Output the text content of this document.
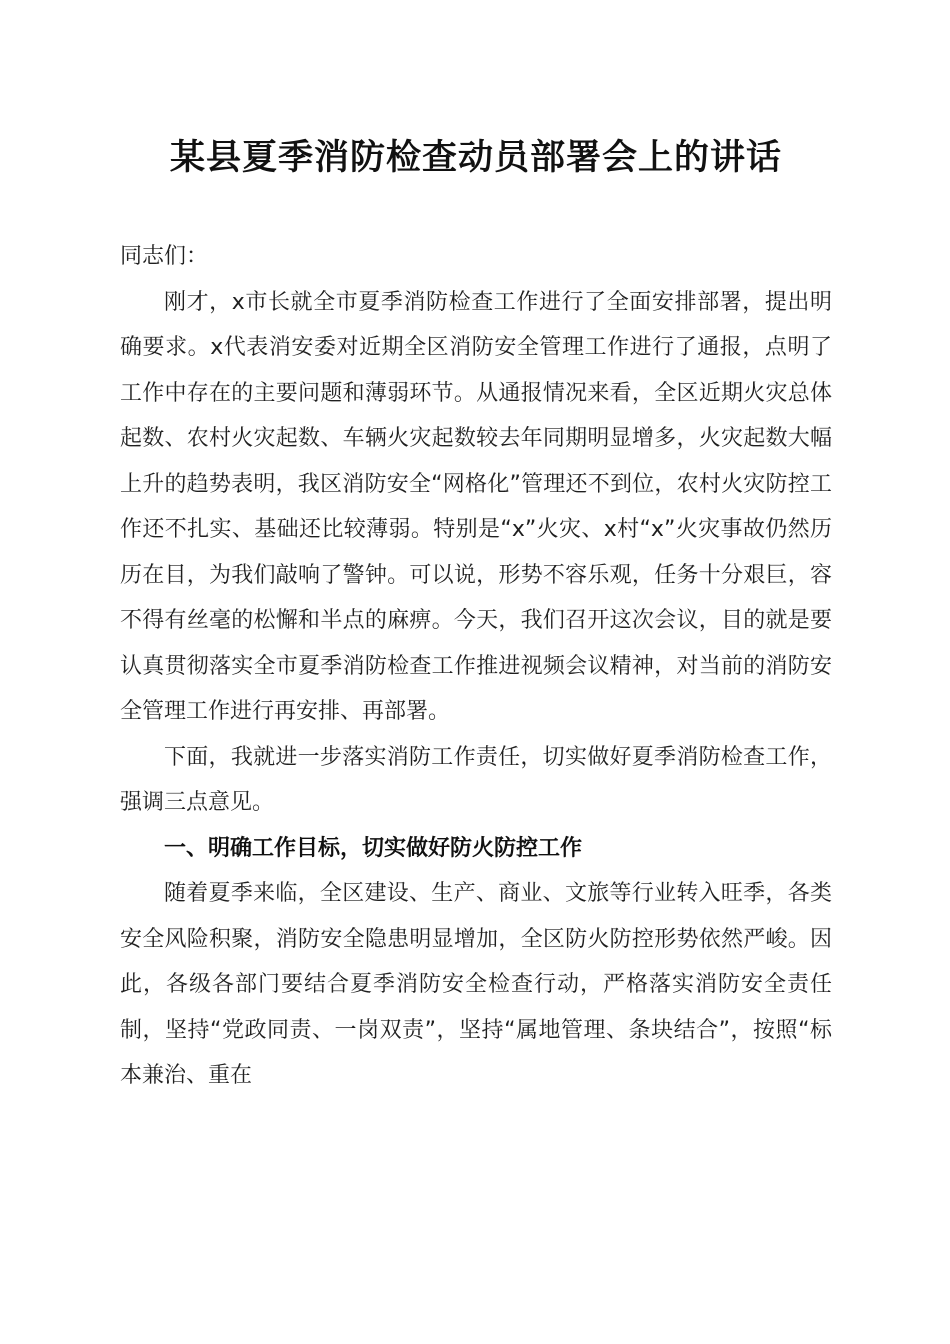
某县夏季消防检查动员部署会上的讲话

同志们：

刚才，x市长就全市夏季消防检查工作进行了全面安排部署，提出明确要求。x代表消安委对近期全区消防安全管理工作进行了通报，点明了工作中存在的主要问题和薄弱环节。从通报情况来看，全区近期火灾总体起数、农村火灾起数、车辆火灾起数较去年同期明显增多，火灾起数大幅上升的趋势表明，我区消防安全“网格化”管理还不到位，农村火灾防控工作还不扎实、基础还比较薄弱。特别是“x”火灾、x村“x”火灾事故仍然历历在目，为我们敲响了警钟。可以说，形势不容乐观，任务十分艰巨，容不得有丝毫的松懈和半点的麻痹。今天，我们召开这次会议，目的就是要认真贯彻落实全市夏季消防检查工作推进视频会议精神，对当前的消防安全管理工作进行再安排、再部署。

下面，我就进一步落实消防工作责任，切实做好夏季消防检查工作，强调三点意见。

一、明确工作目标，切实做好防火防控工作

随着夏季来临，全区建设、生产、商业、文旅等行业转入旺季，各类安全风险积聚，消防安全隐患明显增加，全区防火防控形势依然严峻。因此，各级各部门要结合夏季消防安全检查行动，严格落实消防安全责任制，坚持“党政同责、一岗双责”，坚持“属地管理、条块结合”，按照“标本兼治、重在
